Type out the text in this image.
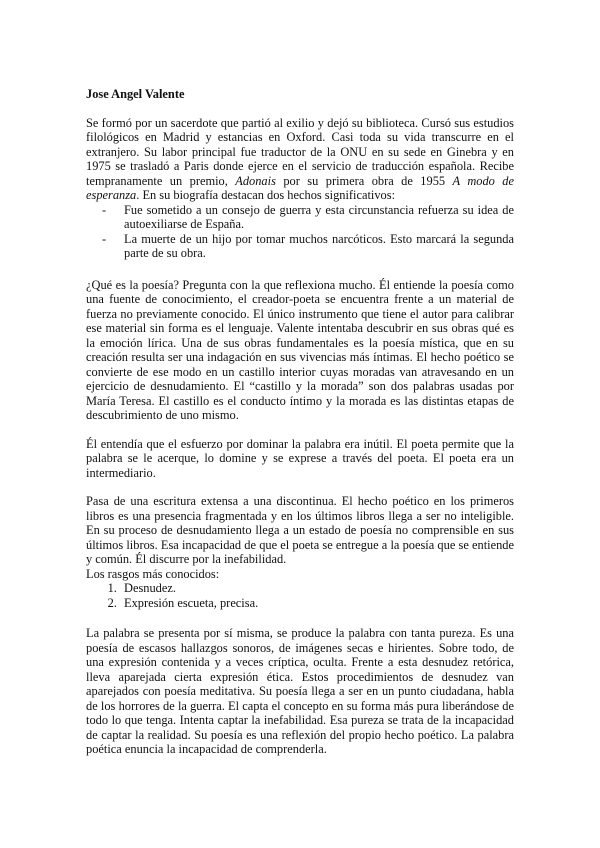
Jose Angel Valente

Se formó por un sacerdote que partió al exilio y dejó su biblioteca. Cursó sus estudios filológicos en Madrid y estancias en Oxford. Casi toda su vida transcurre en el extranjero. Su labor principal fue traductor de la ONU en su sede en Ginebra y en 1975 se trasladó a Paris donde ejerce en el servicio de traducción española. Recibe tempranamente un premio, Adonais por su primera obra de 1955 A modo de esperanza. En su biografía destacan dos hechos significativos:

- Fue sometido a un consejo de guerra y esta circunstancia refuerza su idea de autoexiliarse de España.
- La muerte de un hijo por tomar muchos narcóticos. Esto marcará la segunda parte de su obra.

¿Qué es la poesía? Pregunta con la que reflexiona mucho. Él entiende la poesía como una fuente de conocimiento, el creador-poeta se encuentra frente a un material de fuerza no previamente conocido. El único instrumento que tiene el autor para calibrar ese material sin forma es el lenguaje. Valente intentaba descubrir en sus obras qué es la emoción lírica. Una de sus obras fundamentales es la poesía mística, que en su creación resulta ser una indagación en sus vivencias más íntimas. El hecho poético se convierte de ese modo en un castillo interior cuyas moradas van atravesando en un ejercicio de desnudamiento. El “castillo y la morada” son dos palabras usadas por María Teresa. El castillo es el conducto íntimo y la morada es las distintas etapas de descubrimiento de uno mismo.

Él entendía que el esfuerzo por dominar la palabra era inútil. El poeta permite que la palabra se le acerque, lo domine y se exprese a través del poeta. El poeta era un intermediario.

Pasa de una escritura extensa a una discontinua. El hecho poético en los primeros libros es una presencia fragmentada y en los últimos libros llega a ser no inteligible. En su proceso de desnudamiento llega a un estado de poesía no comprensible en sus últimos libros. Esa incapacidad de que el poeta se entregue a la poesía que se entiende y común. Él discurre por la inefabilidad.

Los rasgos más conocidos:

1. Desnudez.
2. Expresión escueta, precisa.

La palabra se presenta por sí misma, se produce la palabra con tanta pureza. Es una poesía de escasos hallazgos sonoros, de imágenes secas e hirientes. Sobre todo, de una expresión contenida y a veces críptica, oculta. Frente a esta desnudez retórica, lleva aparejada cierta expresión ética. Estos procedimientos de desnudez van aparejados con poesía meditativa. Su poesía llega a ser en un punto ciudadana, habla de los horrores de la guerra. El capta el concepto en su forma más pura liberándose de todo lo que tenga. Intenta captar la inefabilidad. Esa pureza se trata de la incapacidad de captar la realidad. Su poesía es una reflexión del propio hecho poético. La palabra poética enuncia la incapacidad de comprenderla.
